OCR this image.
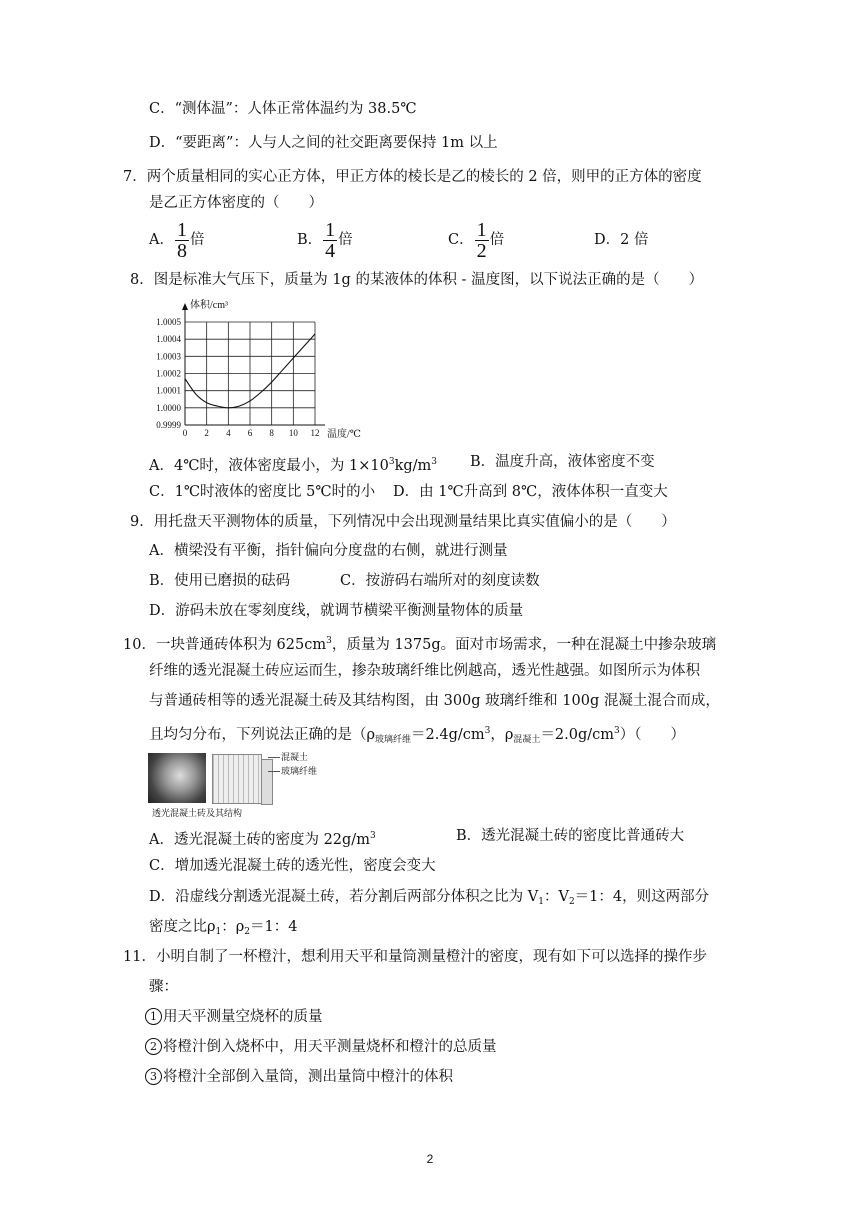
C．“测体温”：人体正常体温约为 38.5℃
D．“要距离”：人与人之间的社交距离要保持 1m 以上
7．两个质量相同的实心正方体，甲正方体的棱长是乙的棱长的 2 倍，则甲的正方体的密度
是乙正方体密度的（　　）
A． $\frac{1}{8}$ 倍	B． $\frac{1}{4}$ 倍	C． $\frac{1}{2}$ 倍	D．2 倍
8．图是标准大气压下，质量为 1g 的某液体的体积 - 温度图，以下说法正确的是（　　）
0.9999
1.0000
1.0001
1.0002
1.0003
1.0004
1.0005
0 2 4 6 8 10 12
体积/cm³
温度/℃
A．4℃时，液体密度最小，为 $1\times 10^3kg/m^3$ B．温度升高，液体密度不变
C．1℃时液体的密度比 5℃时的小 D．由 1℃升高到 8℃，液体体积一直变大
9．用托盘天平测物体的质量，下列情况中会出现测量结果比真实值偏小的是（　　）
A．横梁没有平衡，指针偏向分度盘的右侧，就进行测量
B．使用已磨损的砝码	C．按游码右端所对的刻度读数
D．游码未放在零刻度线，就调节横梁平衡测量物体的质量
10．一块普通砖体积为 $625cm^3$，质量为 1375g。面对市场需求，一种在混凝土中掺杂玻璃
纤维的透光混凝土砖应运而生，掺杂玻璃纤维比例越高，透光性越强。如图所示为体积
与普通砖相等的透光混凝土砖及其结构图，由 300g 玻璃纤维和 100g 混凝土混合而成，
且均匀分布，下列说法正确的是（$\rho_{玻璃纤维}=2.4g/cm^3$，$\rho_{混凝土}=2.0g/cm^3$）（　　）
混凝土
玻璃纤维
透光混凝土砖及其结构
A．透光混凝土砖的密度为 $22g/m^3$	B．透光混凝土砖的密度比普通砖大
C．增加透光混凝土砖的透光性，密度会变大
D．沿虚线分割透光混凝土砖，若分割后两部分体积之比为 $V_1$：$V_2=1$：4，则这两部分
密度之比$\rho_1$：$\rho_2=1$：4
11．小明自制了一杯橙汁，想利用天平和量筒测量橙汁的密度，现有如下可以选择的操作步
骤：
1 用天平测量空烧杯的质量
2 将橙汁倒入烧杯中，用天平测量烧杯和橙汁的总质量
3 将橙汁全部倒入量筒，测出量筒中橙汁的体积
2
